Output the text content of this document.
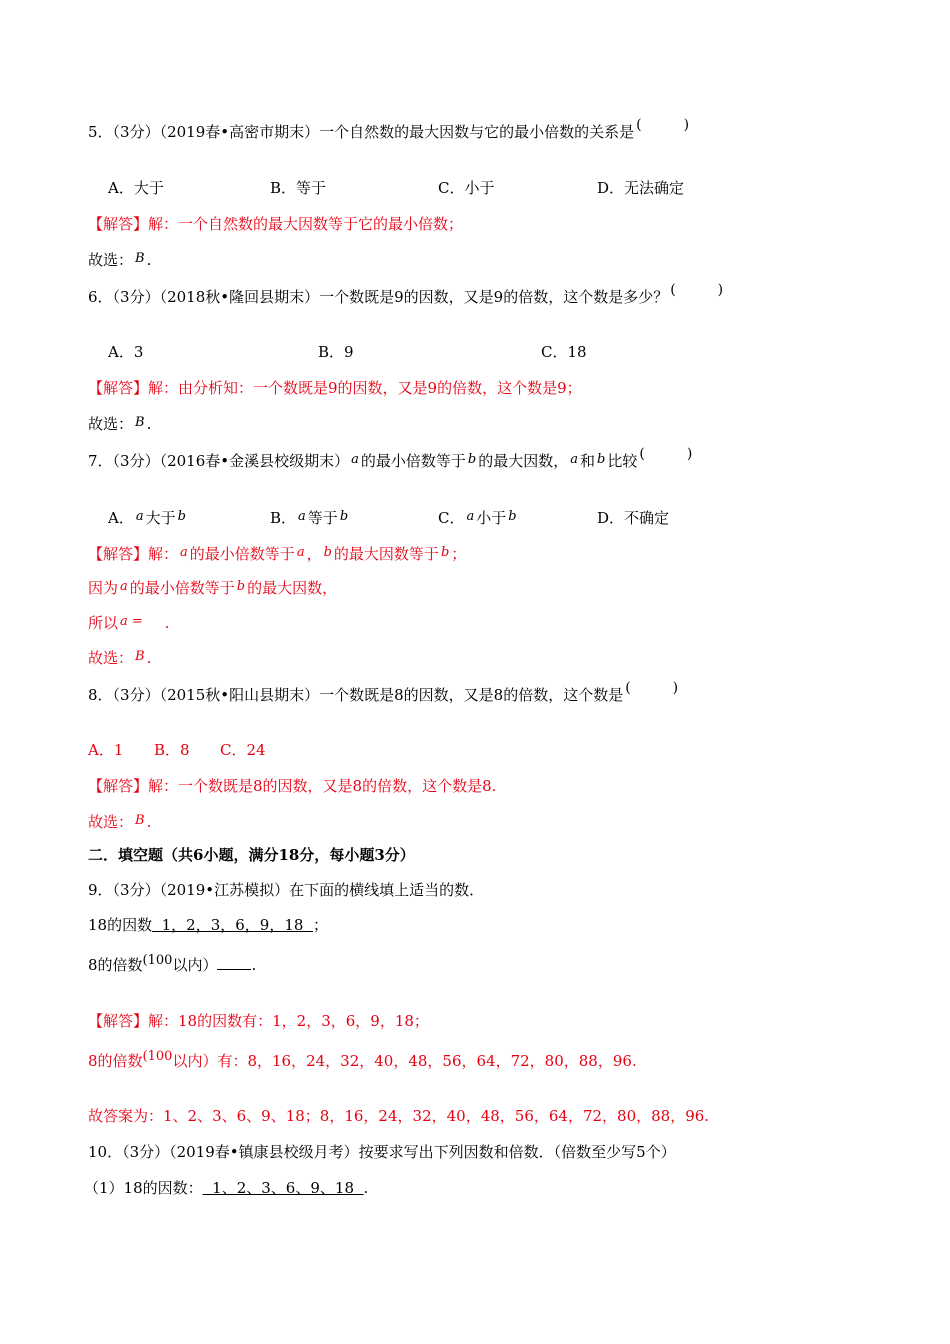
5．（3分）（2019春•高密市期末）一个自然数的最大因数与它的最小倍数的关系是 (	)
A．大于	B．等于	C．小于	D．无法确定
【解答】解：一个自然数的最大因数等于它的最小倍数；
故选： B .
6．（3分）（2018秋•隆回县期末）一个数既是9的因数，又是9的倍数，这个数是多少？ (	)
A．3	B．9	C．18
【解答】解：由分析知：一个数既是9的因数，又是9的倍数，这个数是9；
故选： B .
7．（3分）（2016春•金溪县校级期末） a 的最小倍数等于 b 的最大因数， a 和 b 比较 (	)
A． a 大于 b	B． a 等于 b	C． a 小于 b	D．不确定
【解答】解： a 的最小倍数等于 a ， b 的最大因数等于 b ；
因为 a 的最小倍数等于 b 的最大因数，
所以 a = .
故选： B .
8．（3分）（2015秋•阳山县期末）一个数既是8的因数，又是8的倍数，这个数是 (	)
A．1 B．8 C．24
【解答】解：一个数既是8的因数，又是8的倍数，这个数是8.
故选： B .
二．填空题（共6小题，满分18分，每小题3分）
9．（3分）（2019•江苏模拟）在下面的横线填上适当的数．
18的因数  1，2，3，6，9，18  ；
8的倍数(100以内） .
【解答】解：18的因数有：1，2，3，6，9，18；
8的倍数(100以内）有：8，16，24，32，40，48，56，64，72，80，88，96.
故答案为：1、2、3、6、9、18；8，16，24，32，40，48，56，64，72，80，88，96.
10．（3分）（2019春•镇康县校级月考）按要求写出下列因数和倍数．（倍数至少写5个）
（1）18的因数：  1、2、3、6、9、18  .
